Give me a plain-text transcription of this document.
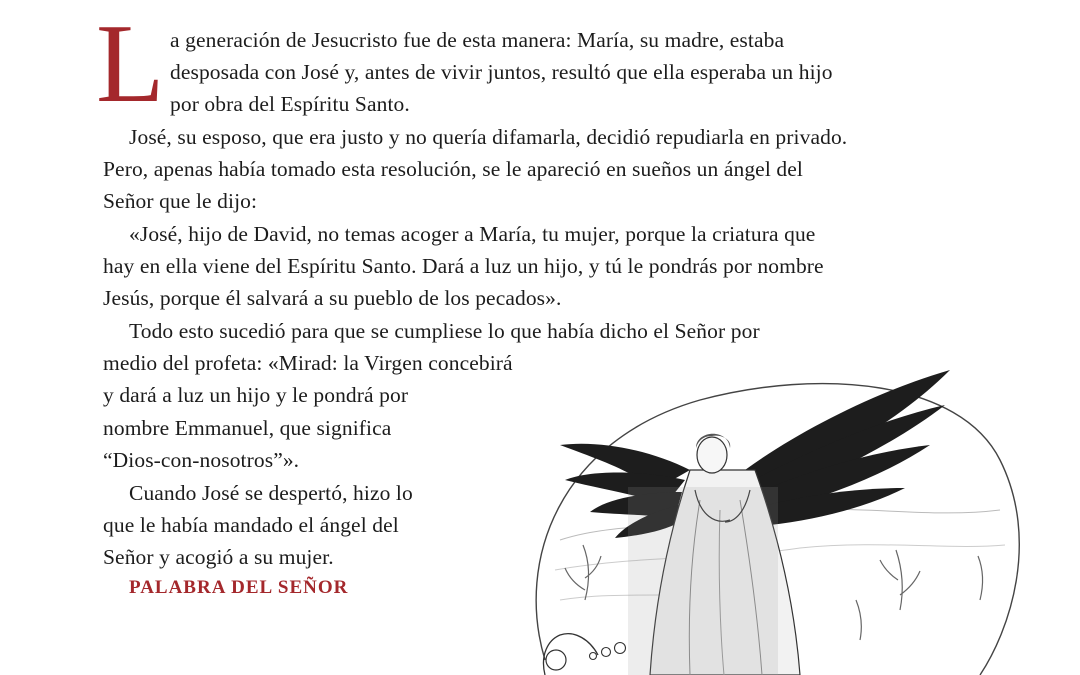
L a generación de Jesucristo fue de esta manera: María, su madre, estaba
desposada con José y, antes de vivir juntos, resultó que ella esperaba un hijo
por obra del Espíritu Santo.
José, su esposo, que era justo y no quería difamarla, decidió repudiarla en privado.
Pero, apenas había tomado esta resolución, se le apareció en sueños un ángel del
Señor que le dijo:
«José, hijo de David, no temas acoger a María, tu mujer, porque la criatura que
hay en ella viene del Espíritu Santo. Dará a luz un hijo, y tú le pondrás por nombre
Jesús, porque él salvará a su pueblo de los pecados».
Todo esto sucedió para que se cumpliese lo que había dicho el Señor por
medio del profeta: «Mirad: la Virgen concebirá
y dará a luz un hijo y le pondrá por
nombre Emmanuel, que significa
“Dios-con-nosotros”».
Cuando José se despertó, hizo lo
que le había mandado el ángel del
Señor y acogió a su mujer.
PALABRA DEL SEÑOR
